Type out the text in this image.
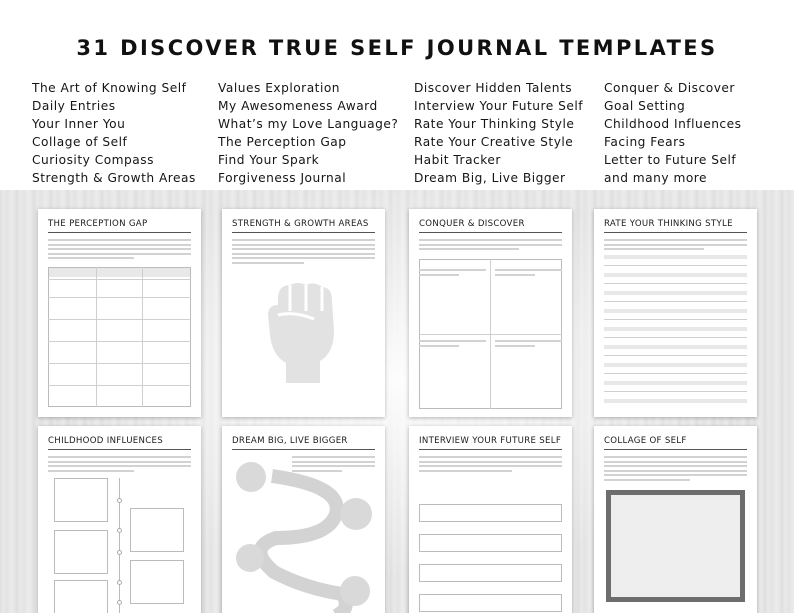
31 DISCOVER TRUE SELF JOURNAL TEMPLATES
The Art of Knowing Self
Daily Entries
Your Inner You
Collage of Self
Curiosity Compass
Strength & Growth Areas
Values Exploration
My Awesomeness Award
What’s my Love Language?
The Perception Gap
Find Your Spark
Forgiveness Journal
Discover Hidden Talents
Interview Your Future Self
Rate Your Thinking Style
Rate Your Creative Style
Habit Tracker
Dream Big, Live Bigger
Conquer & Discover
Goal Setting
Childhood Influences
Facing Fears
Letter to Future Self
and many more
THE PERCEPTION GAP	STRENGTH & GROWTH AREAS	CONQUER & DISCOVER	RATE YOUR THINKING STYLE
CHILDHOOD INFLUENCES	DREAM BIG, LIVE BIGGER	INTERVIEW YOUR FUTURE SELF	COLLAGE OF SELF
